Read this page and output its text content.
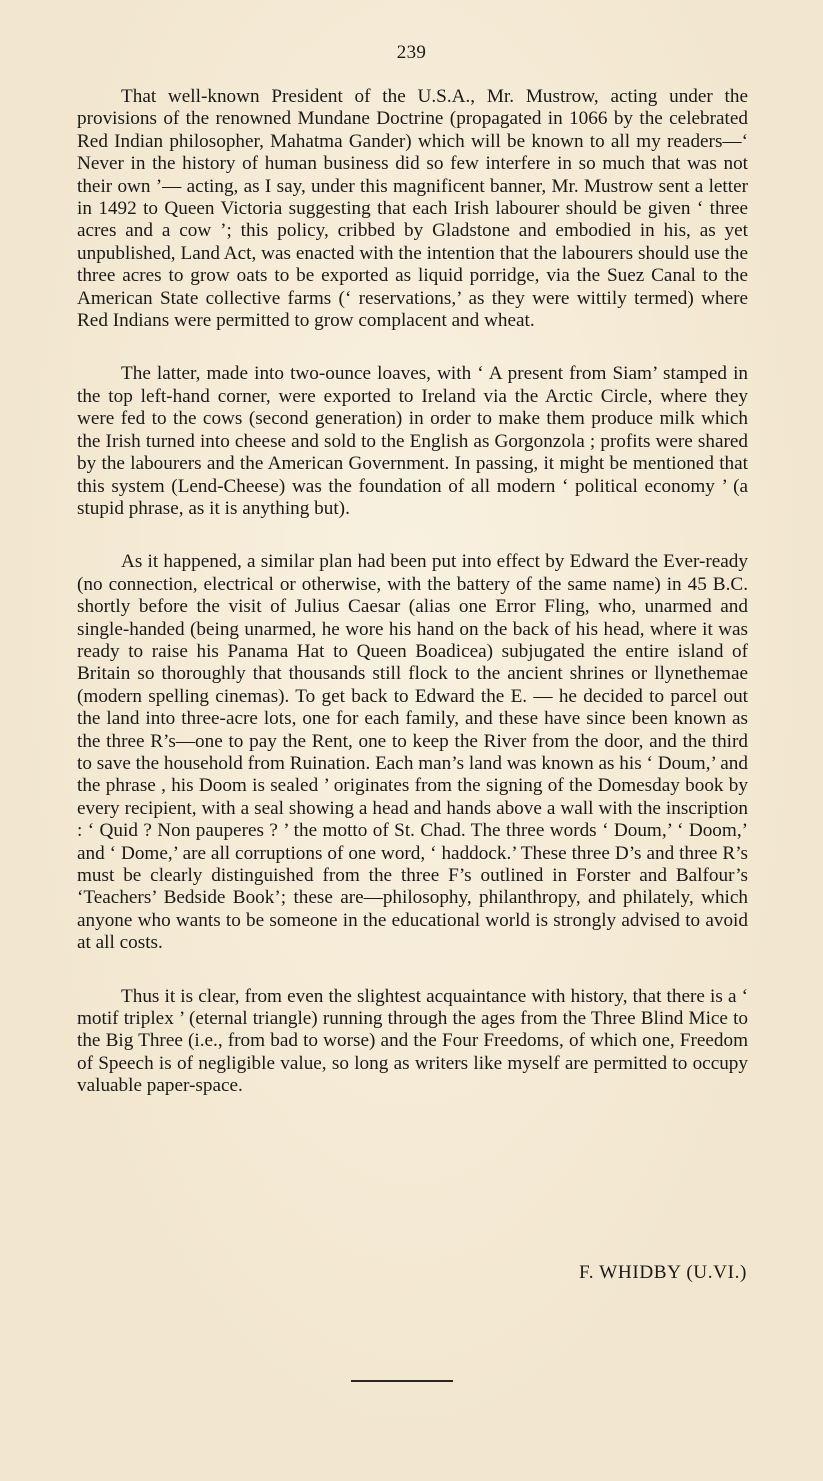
239

That well-known President of the U.S.A., Mr. Mustrow, acting under the provisions of the renowned Mundane Doctrine (propagated in 1066 by the celebrated Red Indian philosopher, Mahatma Gander) which will be known to all my readers—‘ Never in the history of human business did so few interfere in so much that was not their own ’— acting, as I say, under this magnificent banner, Mr. Mustrow sent a letter in 1492 to Queen Victoria suggesting that each Irish labourer should be given ‘ three acres and a cow ’; this policy, cribbed by Gladstone and embodied in his, as yet unpublished, Land Act, was enacted with the intention that the labourers should use the three acres to grow oats to be exported as liquid porridge, via the Suez Canal to the American State collective farms (‘ reservations,’ as they were wittily termed) where Red Indians were permitted to grow complacent and wheat.

The latter, made into two-ounce loaves, with ‘ A present from Siam’ stamped in the top left-hand corner, were exported to Ireland via the Arctic Circle, where they were fed to the cows (second generation) in order to make them produce milk which the Irish turned into cheese and sold to the English as Gorgonzola ; profits were shared by the labourers and the American Government. In passing, it might be mentioned that this system (Lend-Cheese) was the foundation of all modern ‘ political economy ’ (a stupid phrase, as it is anything but).

As it happened, a similar plan had been put into effect by Edward the Ever-ready (no connection, electrical or otherwise, with the battery of the same name) in 45 B.C. shortly before the visit of Julius Caesar (alias one Error Fling, who, unarmed and single-handed (being unarmed, he wore his hand on the back of his head, where it was ready to raise his Panama Hat to Queen Boadicea) subjugated the entire island of Britain so thoroughly that thousands still flock to the ancient shrines or llynethemae (modern spelling cinemas). To get back to Edward the E. — he decided to parcel out the land into three-acre lots, one for each family, and these have since been known as the three R’s—one to pay the Rent, one to keep the River from the door, and the third to save the household from Ruination. Each man’s land was known as his ‘ Doum,’ and the phrase , his Doom is sealed ’ originates from the signing of the Domesday book by every recipient, with a seal showing a head and hands above a wall with the inscription : ‘ Quid ? Non pauperes ? ’ the motto of St. Chad. The three words ‘ Doum,’ ‘ Doom,’ and ‘ Dome,’ are all corruptions of one word, ‘ haddock.’ These three D’s and three R’s must be clearly distinguished from the three F’s outlined in Forster and Balfour’s ‘Teachers’ Bedside Book’; these are—philosophy, philanthropy, and philately, which anyone who wants to be someone in the educational world is strongly advised to avoid at all costs.

Thus it is clear, from even the slightest acquaintance with history, that there is a ‘ motif triplex ’ (eternal triangle) running through the ages from the Three Blind Mice to the Big Three (i.e., from bad to worse) and the Four Freedoms, of which one, Freedom of Speech is of negligible value, so long as writers like myself are permitted to occupy valuable paper-space.

F. WHIDBY (U.VI.)
